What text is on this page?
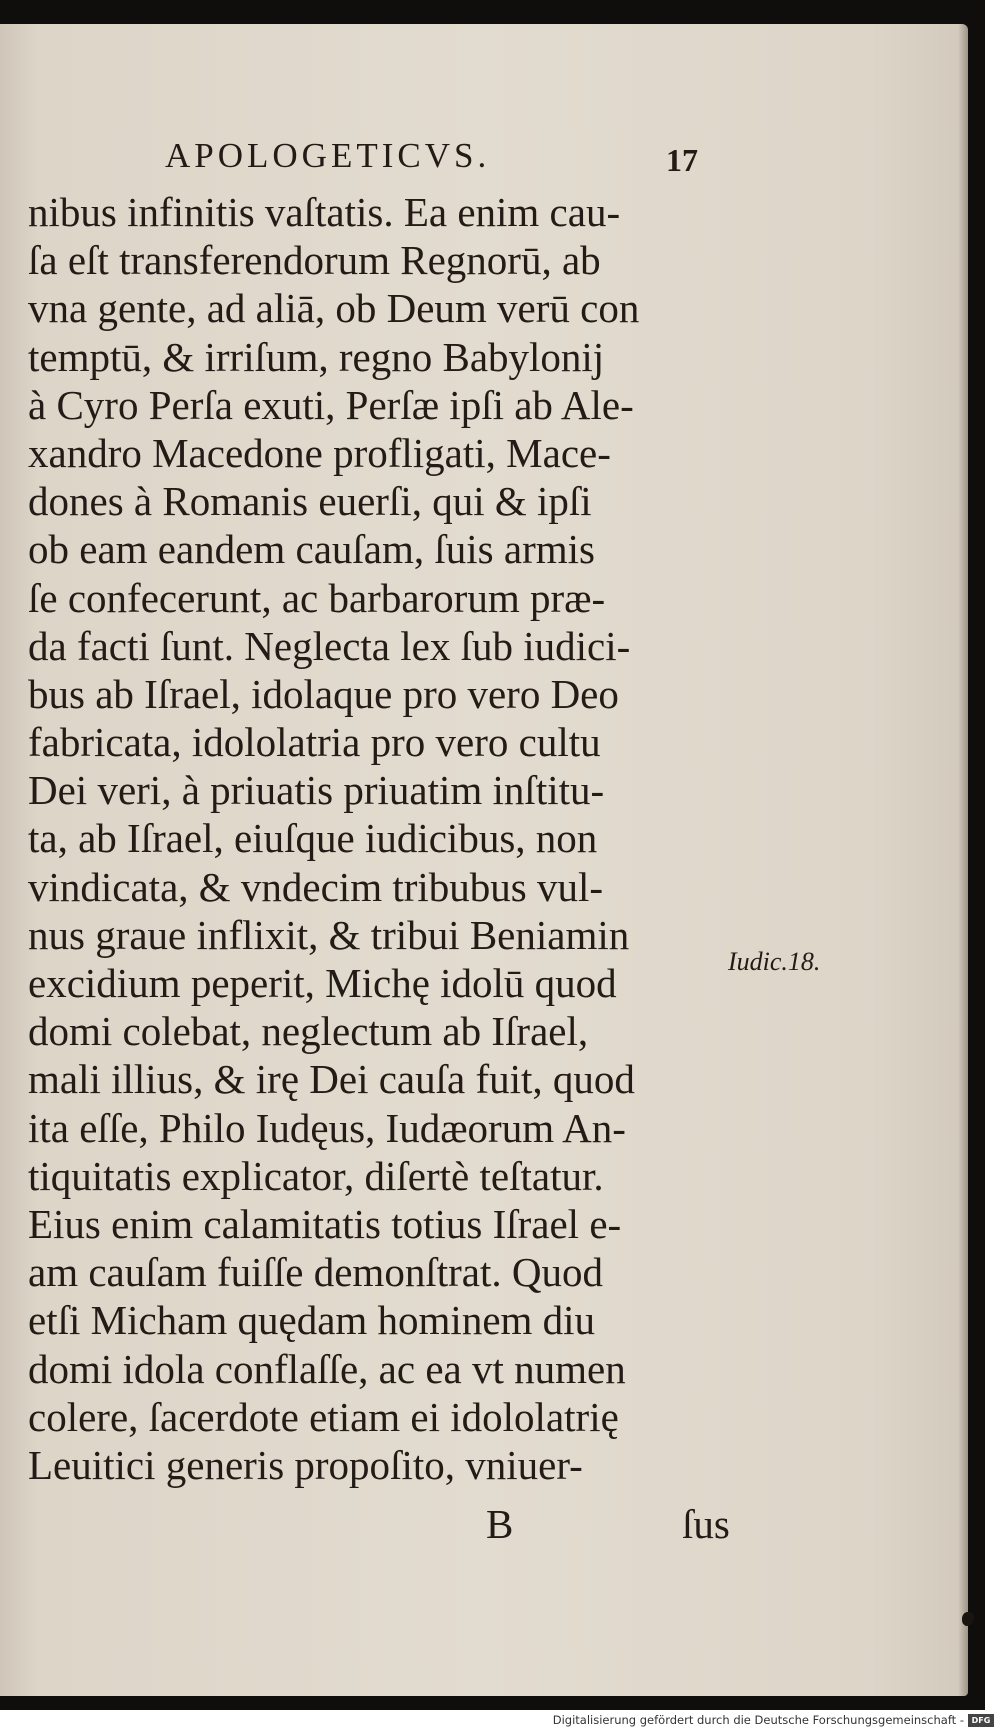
APOLOGETICVS.	17
nibus infinitis vaſtatis. Ea enim cau-
ſa eſt transferendorum Regnorū, ab
vna gente, ad aliā, ob Deum verū con
temptū, & irriſum, regno Babylonij
à Cyro Perſa exuti, Perſæ ipſi ab Ale-
xandro Macedone profligati, Mace-
dones à Romanis euerſi, qui & ipſi
ob eam eandem cauſam, ſuis armis
ſe confecerunt, ac barbarorum præ-
da facti ſunt. Neglecta lex ſub iudici-
bus ab Iſrael, idolaque pro vero Deo
fabricata, idololatria pro vero cultu
Dei veri, à priuatis priuatim inſtitu-
ta, ab Iſrael, eiuſque iudicibus, non
vindicata, & vndecim tribubus vul-
nus graue inflixit, & tribui Beniamin
excidium peperit, Michę idolū quod
domi colebat, neglectum ab Iſrael,
mali illius, & irę Dei cauſa fuit, quod
ita eſſe, Philo Iudęus, Iudæorum An-
tiquitatis explicator, diſertè teſtatur.
Eius enim calamitatis totius Iſrael e-
am cauſam fuiſſe demonſtrat. Quod
etſi Micham quędam hominem diu
domi idola conflaſſe, ac ea vt numen
colere, ſacerdote etiam ei idololatrię
Leuitici generis propoſito, vniuer-
Iudic.18.
B	ſus
Digitalisierung gefördert durch die Deutsche Forschungsgemeinschaft - DFG
